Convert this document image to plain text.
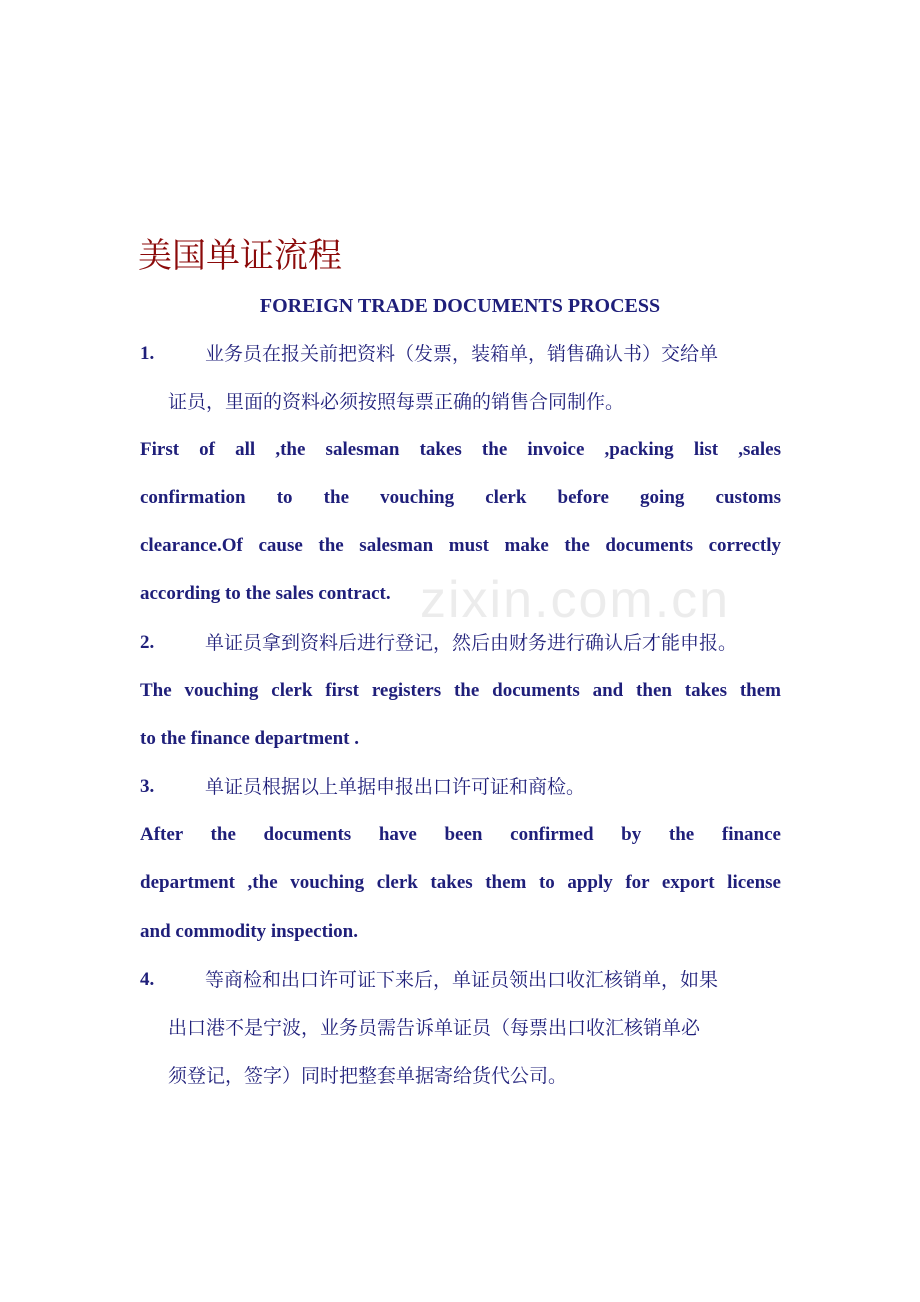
zixin.com.cn
美国单证流程
FOREIGN TRADE DOCUMENTS PROCESS
1.	业务员在报关前把资料（发票，装箱单，销售确认书）交给单
证员，里面的资料必须按照每票正确的销售合同制作。
First of all ,the salesman takes the invoice ,packing list ,sales
confirmation to the vouching clerk before going customs
clearance.Of cause the salesman must make the documents correctly
according to the sales contract.
2.	单证员拿到资料后进行登记，然后由财务进行确认后才能申报。
The vouching clerk first registers the documents and then takes them
to the finance department .
3.	单证员根据以上单据申报出口许可证和商检。
After the documents have been confirmed by the finance
department ,the vouching clerk takes them to apply for export license
and commodity inspection.
4.	等商检和出口许可证下来后，单证员领出口收汇核销单，如果
出口港不是宁波，业务员需告诉单证员（每票出口收汇核销单必
须登记，签字）同时把整套单据寄给货代公司。
